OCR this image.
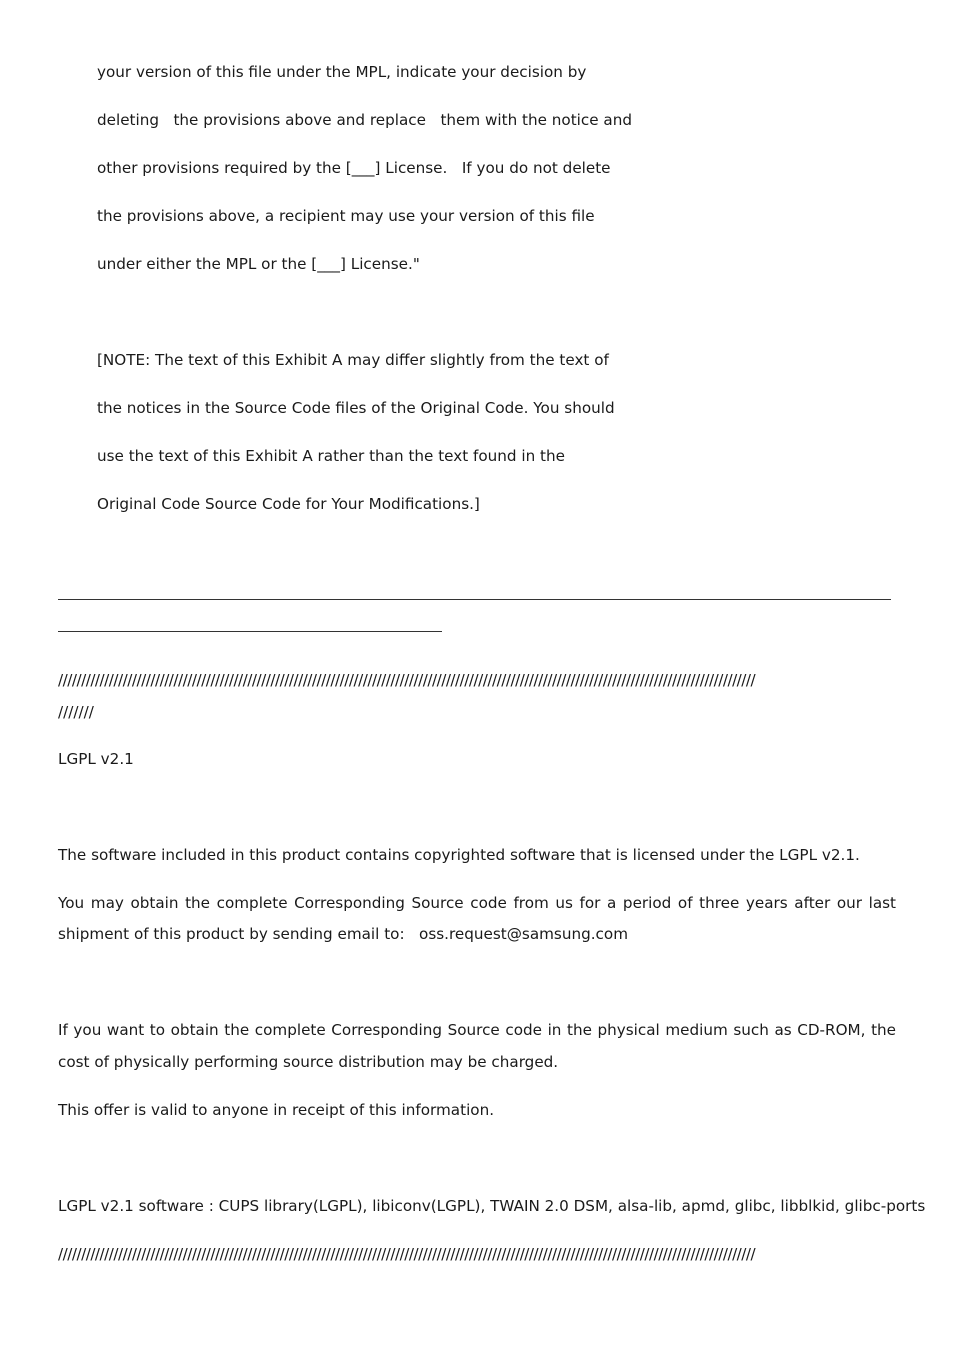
your version of this file under the MPL, indicate your decision by
deleting   the provisions above and replace   them with the notice and
other provisions required by the [___] License.   If you do not delete
the provisions above, a recipient may use your version of this file
under either the MPL or the [___] License."
[NOTE: The text of this Exhibit A may differ slightly from the text of
the notices in the Source Code files of the Original Code. You should
use the text of this Exhibit A rather than the text found in the
Original Code Source Code for Your Modifications.]
///////////////////////////////////////////////////////////////////////////////////////////////////////////////////////////////////////////////////////
///////
LGPL v2.1
The software included in this product contains copyrighted software that is licensed under the LGPL v2.1.
You may obtain the complete Corresponding Source code from us for a period of three years after our last
shipment of this product by sending email to:   oss.request@samsung.com
If you want to obtain the complete Corresponding Source code in the physical medium such as CD-ROM, the
cost of physically performing source distribution may be charged.
This offer is valid to anyone in receipt of this information.
LGPL v2.1 software : CUPS library(LGPL), libiconv(LGPL), TWAIN 2.0 DSM, alsa-lib, apmd, glibc, libblkid, glibc-ports
///////////////////////////////////////////////////////////////////////////////////////////////////////////////////////////////////////////////////////
